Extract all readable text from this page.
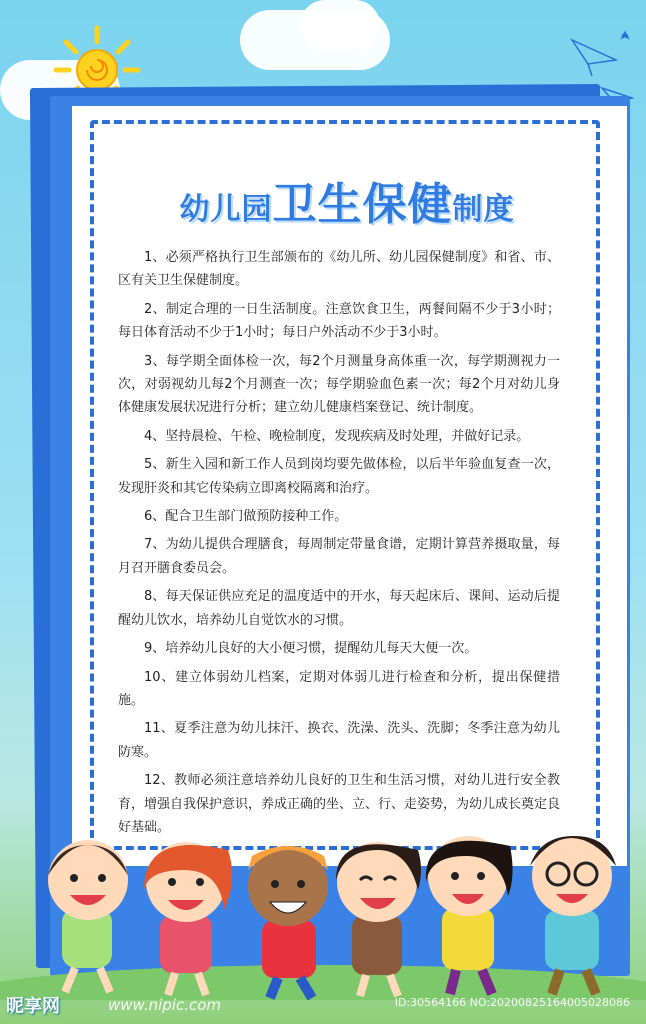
幼儿园卫生保健制度

1、必须严格执行卫生部颁布的《幼儿所、幼儿园保健制度》和省、市、区有关卫生保健制度。

2、制定合理的一日生活制度。注意饮食卫生，两餐间隔不少于3小时；每日体育活动不少于1小时；每日户外活动不少于3小时。

3、每学期全面体检一次，每2个月测量身高体重一次，每学期测视力一次，对弱视幼儿每2个月测查一次；每学期验血色素一次；每2个月对幼儿身体健康发展状况进行分析；建立幼儿健康档案登记、统计制度。

4、坚持晨检、午检、晚检制度，发现疾病及时处理，并做好记录。

5、新生入园和新工作人员到岗均要先做体检，以后半年验血复查一次，发现肝炎和其它传染病立即离校隔离和治疗。

6、配合卫生部门做预防接种工作。

7、为幼儿提供合理膳食，每周制定带量食谱，定期计算营养摄取量，每月召开膳食委员会。

8、每天保证供应充足的温度适中的开水，每天起床后、课间、运动后提醒幼儿饮水，培养幼儿自觉饮水的习惯。

9、培养幼儿良好的大小便习惯，提醒幼儿每天大便一次。

10、建立体弱幼儿档案，定期对体弱儿进行检查和分析，提出保健措施。

11、夏季注意为幼儿抹汗、换衣、洗澡、洗头、洗脚；冬季注意为幼儿防寒。

12、教师必须注意培养幼儿良好的卫生和生活习惯，对幼儿进行安全教育，增强自我保护意识，养成正确的坐、立、行、走姿势，为幼儿成长奠定良好基础。

昵享网	www.nipic.com	ID:30564166 NO:20200825164005028086
